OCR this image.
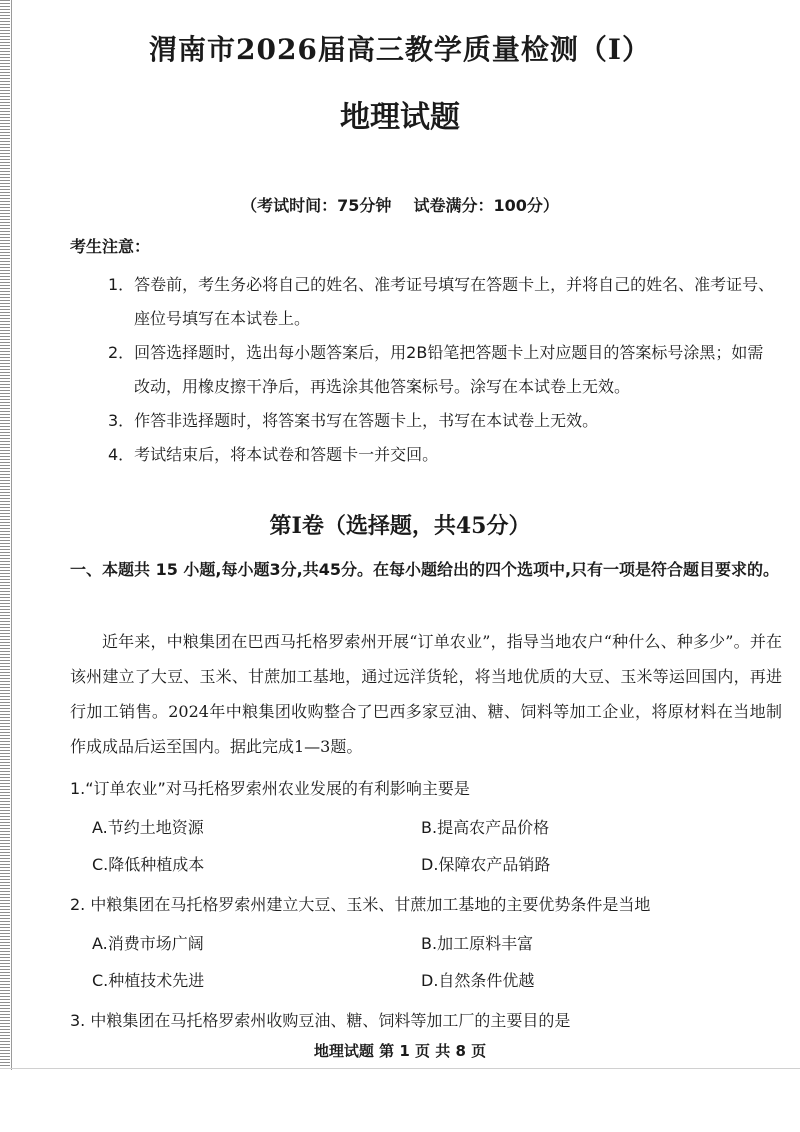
渭南市2026届高三教学质量检测（Ⅰ）
地理试题
（考试时间：75分钟 试卷满分：100分）
考生注意：
1．答卷前，考生务必将自己的姓名、准考证号填写在答题卡上，并将自己的姓名、准考证号、座位号填写在本试卷上。
2．回答选择题时，选出每小题答案后，用2B铅笔把答题卡上对应题目的答案标号涂黑；如需改动，用橡皮擦干净后，再选涂其他答案标号。涂写在本试卷上无效。
3．作答非选择题时，将答案书写在答题卡上，书写在本试卷上无效。
4．考试结束后，将本试卷和答题卡一并交回。
第Ⅰ卷（选择题，共45分）
一、本题共 15 小题,每小题3分,共45分。在每小题给出的四个选项中,只有一项是符合题目要求的。
近年来，中粮集团在巴西马托格罗索州开展“订单农业”，指导当地农户“种什么、种多少”。并在该州建立了大豆、玉米、甘蔗加工基地，通过远洋货轮，将当地优质的大豆、玉米等运回国内，再进行加工销售。2024年中粮集团收购整合了巴西多家豆油、糖、饲料等加工企业，将原材料在当地制作成成品后运至国内。据此完成1—3题。
1.“订单农业”对马托格罗索州农业发展的有利影响主要是
A.节约土地资源	B.提高农产品价格
C.降低种植成本	D.保障农产品销路
2. 中粮集团在马托格罗索州建立大豆、玉米、甘蔗加工基地的主要优势条件是当地
A.消费市场广阔	B.加工原料丰富
C.种植技术先进	D.自然条件优越
3. 中粮集团在马托格罗索州收购豆油、糖、饲料等加工厂的主要目的是
地理试题 第 1 页 共 8 页
